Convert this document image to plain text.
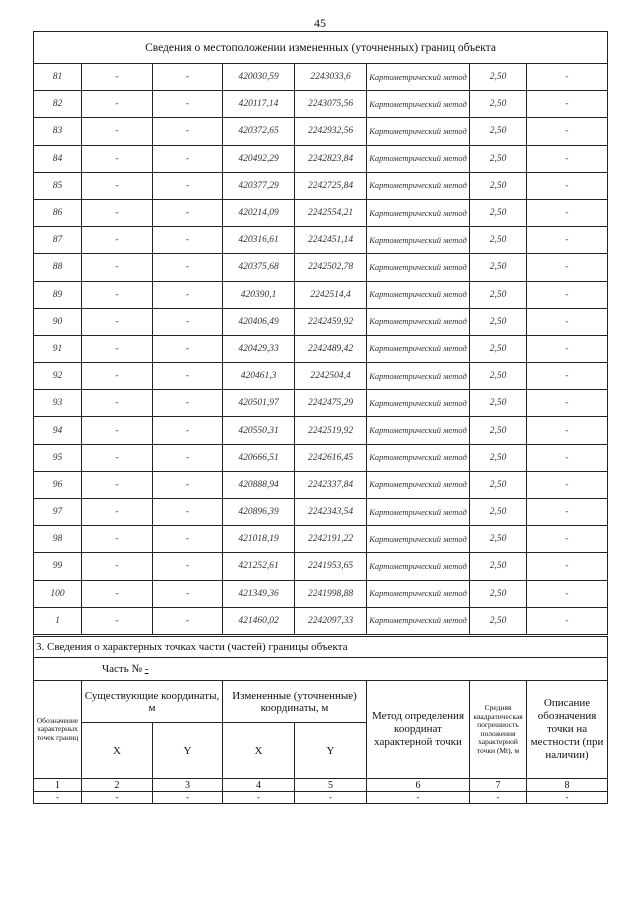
45
Сведения о местоположении измененных (уточненных) границ объекта							
81	-	-	420030,59	2243033,6	Картометрический метод	2,50	-
82	-	-	420117,14	2243075,56	Картометрический метод	2,50	-
83	-	-	420372,65	2242932,56	Картометрический метод	2,50	-
84	-	-	420492,29	2242823,84	Картометрический метод	2,50	-
85	-	-	420377,29	2242725,84	Картометрический метод	2,50	-
86	-	-	420214,09	2242554,21	Картометрический метод	2,50	-
87	-	-	420316,61	2242451,14	Картометрический метод	2,50	-
88	-	-	420375,68	2242502,78	Картометрический метод	2,50	-
89	-	-	420390,1	2242514,4	Картометрический метод	2,50	-
90	-	-	420406,49	2242459,92	Картометрический метод	2,50	-
91	-	-	420429,33	2242489,42	Картометрический метод	2,50	-
92	-	-	420461,3	2242504,4	Картометрический метод	2,50	-
93	-	-	420501,97	2242475,29	Картометрический метод	2,50	-
94	-	-	420550,31	2242519,92	Картометрический метод	2,50	-
95	-	-	420666,51	2242616,45	Картометрический метод	2,50	-
96	-	-	420888,94	2242337,84	Картометрический метод	2,50	-
97	-	-	420896,39	2242343,54	Картометрический метод	2,50	-
98	-	-	421018,19	2242191,22	Картометрический метод	2,50	-
99	-	-	421252,61	2241953,65	Картометрический метод	2,50	-
100	-	-	421349,36	2241998,88	Картометрический метод	2,50	-
1	-	-	421460,02	2242097,33	Картометрический метод	2,50	-
3. Сведения о характерных точках части (частей) границы объекта							
Часть № -							
Обозначение характерных точек границ	Существующие координаты, м		Измененные (уточненные) координаты, м		Метод определения координат характерной точки	Средняя квадратическая погрешность положения характерной точки (Mt), м	Описание обозначения точки на местности (при наличии)
	X	Y	X	Y			
1	2	3	4	5	6	7	8
-	-	-	-	-	-	-	-
